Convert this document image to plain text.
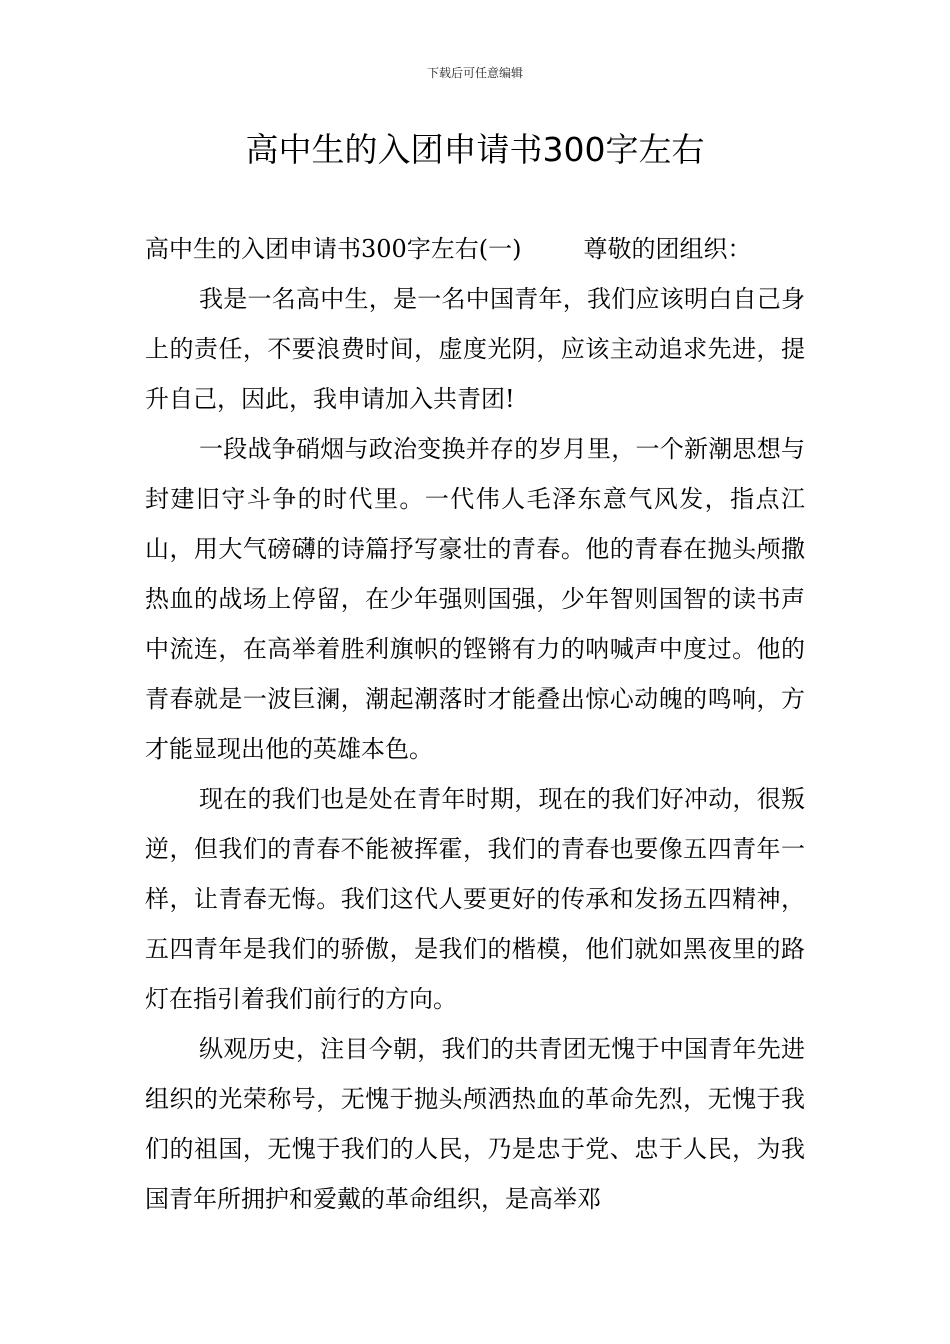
下载后可任意编辑
高中生的入团申请书300字左右

高中生的入团申请书300字左右(一)	尊敬的团组织：

我是一名高中生，是一名中国青年，我们应该明白自己身上的责任，不要浪费时间，虚度光阴，应该主动追求先进，提升自己，因此，我申请加入共青团!

一段战争硝烟与政治变换并存的岁月里，一个新潮思想与封建旧守斗争的时代里。一代伟人毛泽东意气风发，指点江山，用大气磅礴的诗篇抒写豪壮的青春。他的青春在抛头颅撒热血的战场上停留，在少年强则国强，少年智则国智的读书声中流连，在高举着胜利旗帜的铿锵有力的呐喊声中度过。他的青春就是一波巨澜，潮起潮落时才能叠出惊心动魄的鸣响，方才能显现出他的英雄本色。

现在的我们也是处在青年时期，现在的我们好冲动，很叛逆，但我们的青春不能被挥霍，我们的青春也要像五四青年一样，让青春无悔。我们这代人要更好的传承和发扬五四精神，五四青年是我们的骄傲，是我们的楷模，他们就如黑夜里的路灯在指引着我们前行的方向。

纵观历史，注目今朝，我们的共青团无愧于中国青年先进组织的光荣称号，无愧于抛头颅洒热血的革命先烈，无愧于我们的祖国，无愧于我们的人民，乃是忠于党、忠于人民，为我国青年所拥护和爱戴的革命组织，是高举邓
